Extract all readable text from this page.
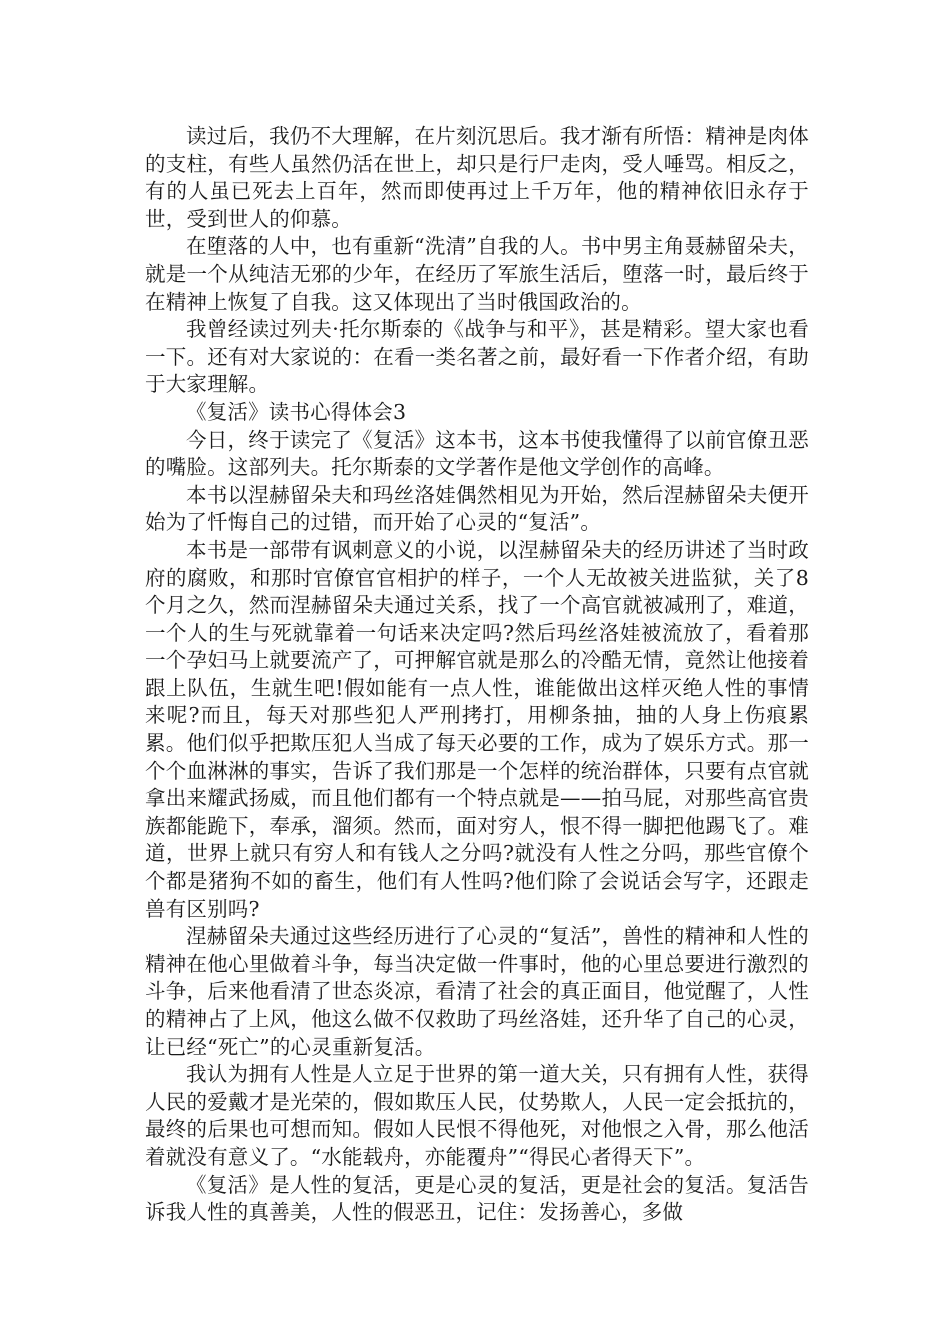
读过后，我仍不大理解，在片刻沉思后。我才渐有所悟：精神是肉体的支柱，有些人虽然仍活在世上，却只是行尸走肉，受人唾骂。相反之，有的人虽已死去上百年，然而即使再过上千万年，他的精神依旧永存于世，受到世人的仰慕。

在堕落的人中，也有重新“洗清”自我的人。书中男主角聂赫留朵夫，就是一个从纯洁无邪的少年，在经历了军旅生活后，堕落一时，最后终于在精神上恢复了自我。这又体现出了当时俄国政治的。

我曾经读过列夫·托尔斯泰的《战争与和平》，甚是精彩。望大家也看一下。还有对大家说的：在看一类名著之前，最好看一下作者介绍，有助于大家理解。

《复活》读书心得体会3

今日，终于读完了《复活》这本书，这本书使我懂得了以前官僚丑恶的嘴脸。这部列夫。托尔斯泰的文学著作是他文学创作的高峰。

本书以涅赫留朵夫和玛丝洛娃偶然相见为开始，然后涅赫留朵夫便开始为了忏悔自己的过错，而开始了心灵的“复活”。

本书是一部带有讽刺意义的小说，以涅赫留朵夫的经历讲述了当时政府的腐败，和那时官僚官官相护的样子，一个人无故被关进监狱，关了8个月之久，然而涅赫留朵夫通过关系，找了一个高官就被减刑了，难道，一个人的生与死就靠着一句话来决定吗?然后玛丝洛娃被流放了，看着那一个孕妇马上就要流产了，可押解官就是那么的冷酷无情，竟然让他接着跟上队伍，生就生吧!假如能有一点人性，谁能做出这样灭绝人性的事情来呢?而且，每天对那些犯人严刑拷打，用柳条抽，抽的人身上伤痕累累。他们似乎把欺压犯人当成了每天必要的工作，成为了娱乐方式。那一个个血淋淋的事实，告诉了我们那是一个怎样的统治群体，只要有点官就拿出来耀武扬威，而且他们都有一个特点就是——拍马屁，对那些高官贵族都能跪下，奉承，溜须。然而，面对穷人，恨不得一脚把他踢飞了。难道，世界上就只有穷人和有钱人之分吗?就没有人性之分吗，那些官僚个个都是猪狗不如的畜生，他们有人性吗?他们除了会说话会写字，还跟走兽有区别吗?

涅赫留朵夫通过这些经历进行了心灵的“复活”，兽性的精神和人性的精神在他心里做着斗争，每当决定做一件事时，他的心里总要进行激烈的斗争，后来他看清了世态炎凉，看清了社会的真正面目，他觉醒了，人性的精神占了上风，他这么做不仅救助了玛丝洛娃，还升华了自己的心灵，让已经“死亡”的心灵重新复活。

我认为拥有人性是人立足于世界的第一道大关，只有拥有人性，获得人民的爱戴才是光荣的，假如欺压人民，仗势欺人，人民一定会抵抗的，最终的后果也可想而知。假如人民恨不得他死，对他恨之入骨，那么他活着就没有意义了。“水能载舟，亦能覆舟”“得民心者得天下”。

《复活》是人性的复活，更是心灵的复活，更是社会的复活。复活告诉我人性的真善美，人性的假恶丑，记住：发扬善心，多做
